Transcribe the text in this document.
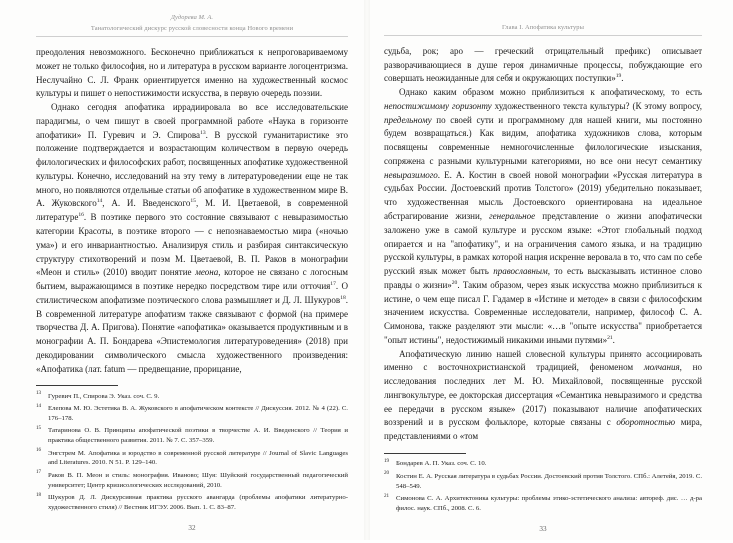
Дудорева М. А.
Танатологический дискурс русской словесности конца Нового времени

преодоления невозможного. Бесконечно приближаться к непроговариваемому может не только философия, но и литература в русском варианте логоцентризма. Неслучайно С. Л. Франк ориентируется именно на художественный космос культуры и пишет о непостижимости искусства, в первую очередь поэзии.

Однако сегодня апофатика иррадиировала во все исследовательские парадигмы, о чем пишут в своей программной работе «Наука в горизонте апофатики» П. Гуревич и Э. Спирова$^{13}$. В русской гуманитаристике это положение подтверждается и возрастающим количеством в первую очередь филологических и философских работ, посвященных апофатике художественной культуры. Конечно, исследований на эту тему в литературоведении еще не так много, но появляются отдельные статьи об апофатике в художественном мире В. А. Жуковского$^{14}$, А. И. Введенского$^{15}$, М. И. Цветаевой, в современной литературе$^{16}$. В поэтике первого это состояние связывают с невыразимостью категории Красоты, в поэтике второго — с непознаваемостью мира («ночью ума») и его инвариантностью. Анализируя стиль и разбирая синтаксическую структуру стихотворений и поэм М. Цветаевой, В. П. Раков в монографии «Меон и стиль» (2010) вводит понятие меона, которое не связано с логосным бытием, выражающимся в поэтике нередко посредством тире или отточия$^{17}$. О стилистическом апофатизме поэтического слова размышляет и Д. Л. Шукуров$^{18}$. В современной литературе апофатизм также связывают с формой (на примере творчества Д. А. Пригова). Понятие «апофатика» оказывается продуктивным и в монографии А. П. Бондарева «Эпистемология литературоведения» (2018) при декодировании символического смысла художественного произведения: «Апофатика (лат. fatum — предвещание, прорицание,

13 Гуревич П., Спирова Э. Указ. соч. С. 9.
14 Елепова М. Ю. Эстетика В. А. Жуковского в апофатическом контексте // Дискуссия. 2012. № 4 (22). С. 176–178.
15 Татаринова О. В. Принципы апофатической поэтики в творчестве А. И. Введенского // Теория и практика общественного развития. 2011. № 7. С. 357–359.
16 Энгстрем М. Апофатика и юродство в современной русской литературе // Journal of Slavic Languages and Literatures. 2010. N 51. P. 129–140.
17 Раков В. П. Меон и стиль: монография. Иваново; Шуя: Шуйский государственный педагогический университет; Центр кризисологических исследований, 2010.
18 Шукуров Д. Л. Дискурсивная практика русского авангарда (проблемы апофатики литературно-художественного стиля) // Вестник ИГЭУ. 2006. Вып. 1. С. 83–87.
32
Глава I. Апофатика культуры

судьба, рок; apo — греческий отрицательный префикс) описывает разворачивающиеся в душе героя динамичные процессы, побуждающие его совершать неожиданные для себя и окружающих поступки»$^{19}$.

Однако каким образом можно приблизиться к апофатическому, то есть непостижимому горизонту художественного текста культуры? (К этому вопросу, предельному по своей сути и программному для нашей книги, мы постоянно будем возвращаться.) Как видим, апофатика художников слова, которым посвящены современные немногочисленные филологические изыскания, сопряжена с разными культурными категориями, но все они несут семантику невыразимого. Е. А. Костин в своей новой монографии «Русская литература в судьбах России. Достоевский против Толстого» (2019) убедительно показывает, что художественная мысль Достоевского ориентирована на идеальное абстрагирование жизни, генеральное представление о жизни апофатически заложено уже в самой культуре и русском языке: «Этот глобальный подход опирается и на "апофатику", и на ограничения самого языка, и на традицию русской культуры, в рамках которой нация искренне веровала в то, что сам по себе русский язык может быть православным, то есть высказывать истинное слово правды о жизни»$^{20}$. Таким образом, через язык искусства можно приблизиться к истине, о чем еще писал Г. Гадамер в «Истине и методе» в связи с философским значением искусства. Современные исследователи, например, философ С. А. Симонова, также разделяют эти мысли: «…в "опыте искусства" приобретается "опыт истины", недостижимый никакими иными путями»$^{21}$.

Апофатическую линию нашей словесной культуры принято ассоциировать именно с восточнохристианской традицией, феноменом молчания, но исследования последних лет М. Ю. Михайловой, посвященные русской лингвокультуре, ее докторская диссертация «Семантика невыразимого и средства ее передачи в русском языке» (2017) показывают наличие апофатических воззрений и в русском фольклоре, которые связаны с оборотностью мира, представлениями о «том

19 Бондарев А. П. Указ. соч. С. 10.
20 Костин Е. А. Русская литература в судьбах России. Достоевский против Толстого. СПб.: Алетейя, 2019. С. 548–549.
21 Симонова С. А. Архитектоника культуры: проблемы этико-эстетического анализа: автореф. дис. … д-ра филос. наук. СПб., 2008. С. 6.
33
